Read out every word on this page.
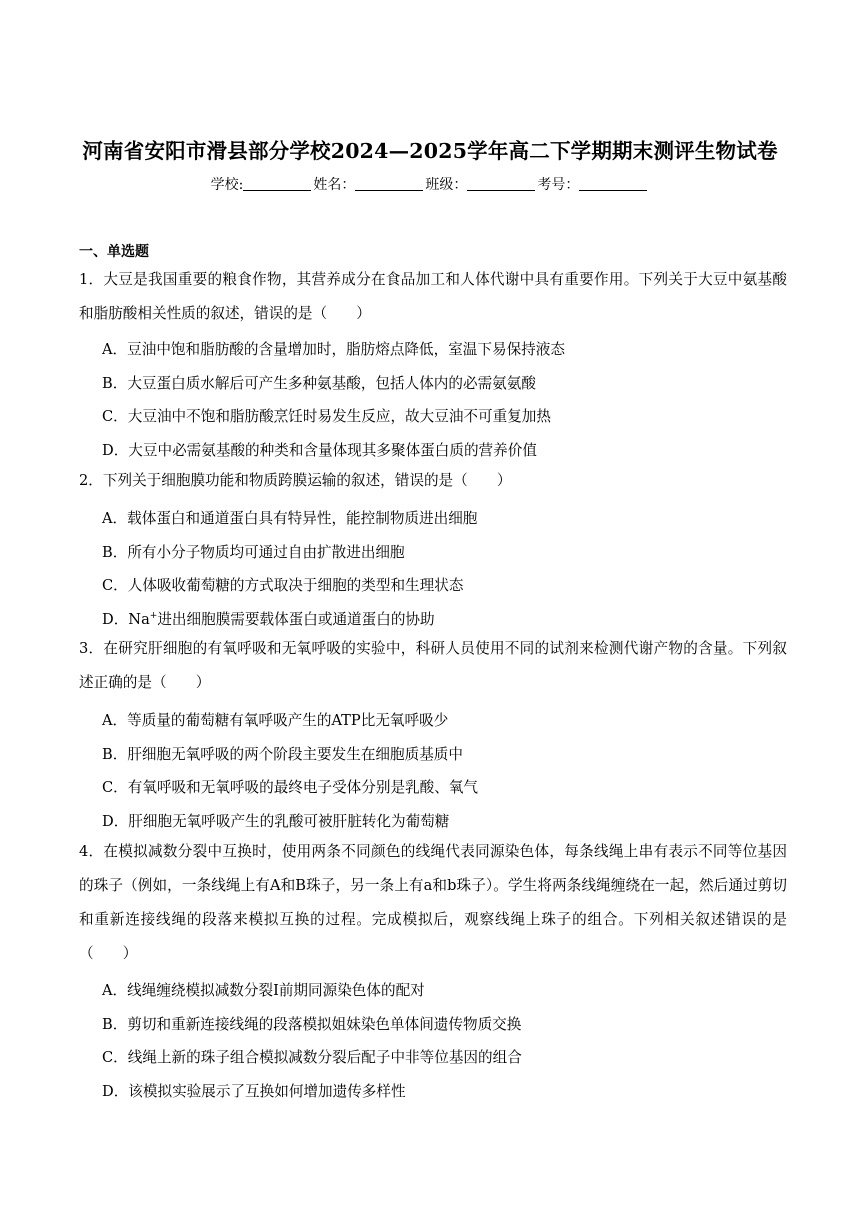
河南省安阳市滑县部分学校2024—2025学年高二下学期期末测评生物试卷
学校:	姓名：	班级：	考号：
一、单选题
1．大豆是我国重要的粮食作物，其营养成分在食品加工和人体代谢中具有重要作用。下列关于大豆中氨基酸和脂肪酸相关性质的叙述，错误的是（　　）
A．豆油中饱和脂肪酸的含量增加时，脂肪熔点降低，室温下易保持液态
B．大豆蛋白质水解后可产生多种氨基酸，包括人体内的必需氨氨酸
C．大豆油中不饱和脂肪酸烹饪时易发生反应，故大豆油不可重复加热
D．大豆中必需氨基酸的种类和含量体现其多聚体蛋白质的营养价值
2．下列关于细胞膜功能和物质跨膜运输的叙述，错误的是（　　）
A．载体蛋白和通道蛋白具有特异性，能控制物质进出细胞
B．所有小分子物质均可通过自由扩散进出细胞
C．人体吸收葡萄糖的方式取决于细胞的类型和生理状态
D．Na+进出细胞膜需要载体蛋白或通道蛋白的协助
3．在研究肝细胞的有氧呼吸和无氧呼吸的实验中，科研人员使用不同的试剂来检测代谢产物的含量。下列叙述正确的是（　　）
A．等质量的葡萄糖有氧呼吸产生的ATP比无氧呼吸少
B．肝细胞无氧呼吸的两个阶段主要发生在细胞质基质中
C．有氧呼吸和无氧呼吸的最终电子受体分别是乳酸、氧气
D．肝细胞无氧呼吸产生的乳酸可被肝脏转化为葡萄糖
4．在模拟减数分裂中互换时，使用两条不同颜色的线绳代表同源染色体，每条线绳上串有表示不同等位基因的珠子（例如，一条线绳上有A和B珠子，另一条上有a和b珠子）。学生将两条线绳缠绕在一起，然后通过剪切和重新连接线绳的段落来模拟互换的过程。完成模拟后，观察线绳上珠子的组合。下列相关叙述错误的是（　　）
A．线绳缠绕模拟减数分裂Ⅰ前期同源染色体的配对
B．剪切和重新连接线绳的段落模拟姐妹染色单体间遗传物质交换
C．线绳上新的珠子组合模拟减数分裂后配子中非等位基因的组合
D．该模拟实验展示了互换如何增加遗传多样性
